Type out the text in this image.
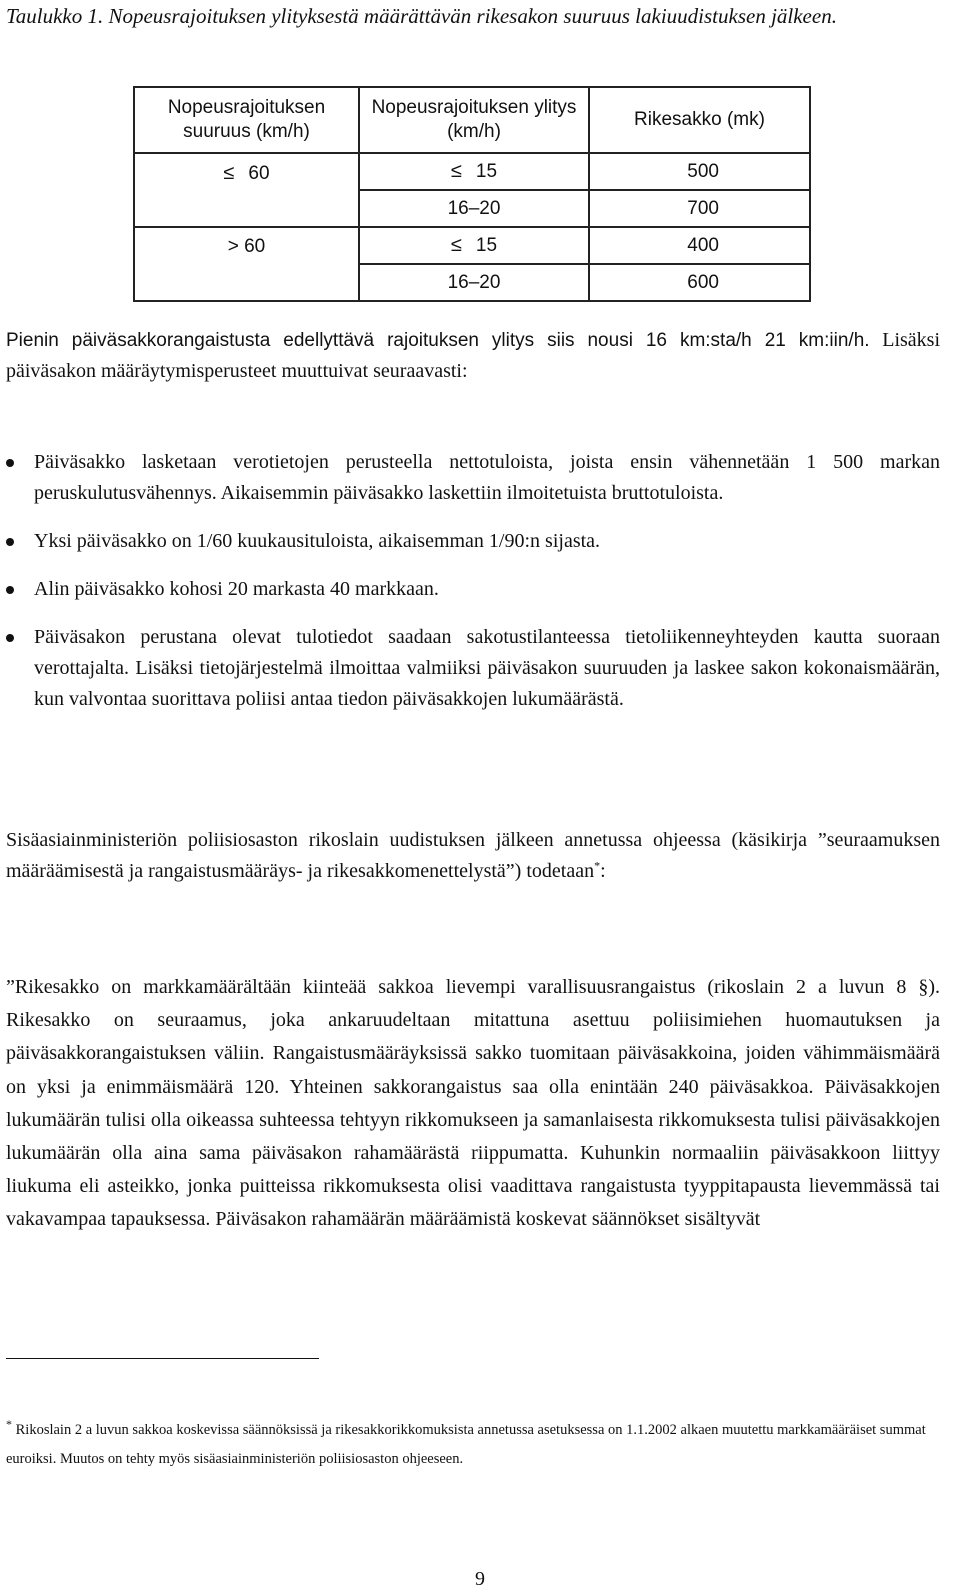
Taulukko 1. Nopeusrajoituksen ylityksestä määrättävän rikesakon suuruus lakiuudistuksen jälkeen.
Nopeusrajoituksen suuruus (km/h)	Nopeusrajoituksen ylitys (km/h)	Rikesakko (mk)
≤ 60	≤ 15	500
	16–20	700
> 60	≤ 15	400
	16–20	600

Pienin päiväsakkorangaistusta edellyttävä rajoituksen ylitys siis nousi 16 km:sta/h 21 km:iin/h. Lisäksi päiväsakon määräytymisperusteet muuttuivat seuraavasti:

Päiväsakko lasketaan verotietojen perusteella nettotuloista, joista ensin vähennetään 1 500 markan peruskulutusvähennys. Aikaisemmin päiväsakko laskettiin ilmoitetuista bruttotuloista.
Yksi päiväsakko on 1/60 kuukausituloista, aikaisemman 1/90:n sijasta.
Alin päiväsakko kohosi 20 markasta 40 markkaan.
Päiväsakon perustana olevat tulotiedot saadaan sakotustilanteessa tietoliikenneyhteyden kautta suoraan verottajalta. Lisäksi tietojärjestelmä ilmoittaa valmiiksi päiväsakon suuruuden ja laskee sakon kokonaismäärän, kun valvontaa suorittava poliisi antaa tiedon päiväsakkojen lukumäärästä.

Sisäasiainministeriön poliisiosaston rikoslain uudistuksen jälkeen annetussa ohjeessa (käsikirja ”seuraamuksen määräämisestä ja rangaistusmääräys- ja rikesakkomenettelystä”) todetaan*:

”Rikesakko on markkamäärältään kiinteää sakkoa lievempi varallisuusrangaistus (rikoslain 2 a luvun 8 §). Rikesakko on seuraamus, joka ankaruudeltaan mitattuna asettuu poliisimiehen huomautuksen ja päiväsakkorangaistuksen väliin. Rangaistusmääräyksissä sakko tuomitaan päiväsakkoina, joiden vähimmäismäärä on yksi ja enimmäismäärä 120. Yhteinen sakkorangaistus saa olla enintään 240 päiväsakkoa. Päiväsakkojen lukumäärän tulisi olla oikeassa suhteessa tehtyyn rikkomukseen ja samanlaisesta rikkomuksesta tulisi päiväsakkojen lukumäärän olla aina sama päiväsakon rahamäärästä riippumatta. Kuhunkin normaaliin päiväsakkoon liittyy liukuma eli asteikko, jonka puitteissa rikkomuksesta olisi vaadittava rangaistusta tyyppitapausta lievemmässä tai vakavampaa tapauksessa. Päiväsakon rahamäärän määräämistä koskevat säännökset sisältyvät

* Rikoslain 2 a luvun sakkoa koskevissa säännöksissä ja rikesakkorikkomuksista annetussa asetuksessa on 1.1.2002 alkaen muutettu markkamääräiset summat euroiksi. Muutos on tehty myös sisäasiainministeriön poliisiosaston ohjeeseen.

9
